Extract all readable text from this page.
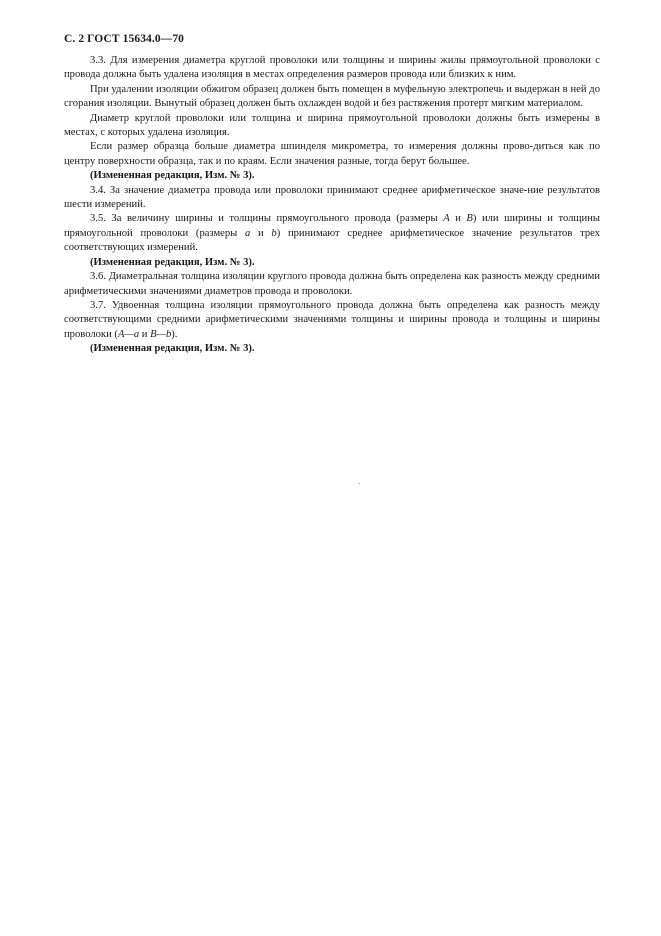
С. 2 ГОСТ 15634.0—70

3.3. Для измерения диаметра круглой проволоки или толщины и ширины жилы прямоугольной проволоки с провода должна быть удалена изоляция в местах определения размеров провода или близких к ним.

При удалении изоляции обжигом образец должен быть помещен в муфельную электропечь и выдержан в ней до сгорания изоляции. Вынутый образец должен быть охлажден водой и без растяжения протерт мягким материалом.

Диаметр круглой проволоки или толщина и ширина прямоугольной проволоки должны быть измерены в местах, с которых удалена изоляция.

Если размер образца больше диаметра шпинделя микрометра, то измерения должны прово-диться как по центру поверхности образца, так и по краям. Если значения разные, тогда берут большее.

(Измененная редакция, Изм. № 3).

3.4. За значение диаметра провода или проволоки принимают среднее арифметическое значе-ние результатов шести измерений.

3.5. За величину ширины и толщины прямоугольного провода (размеры A и B) или ширины и толщины прямоугольной проволоки (размеры a и b) принимают среднее арифметическое значение результатов трех соответствующих измерений.

(Измененная редакция, Изм. № 3).

3.6. Диаметральная толщина изоляции круглого провода должна быть определена как разность между средними арифметическими значениями диаметров провода и проволоки.

3.7. Удвоенная толщина изоляции прямоугольного провода должна быть определена как разность между соответствующими средними арифметическими значениями толщины и ширины провода и толщины и ширины проволоки (A—a и B—b).

(Измененная редакция, Изм. № 3).
